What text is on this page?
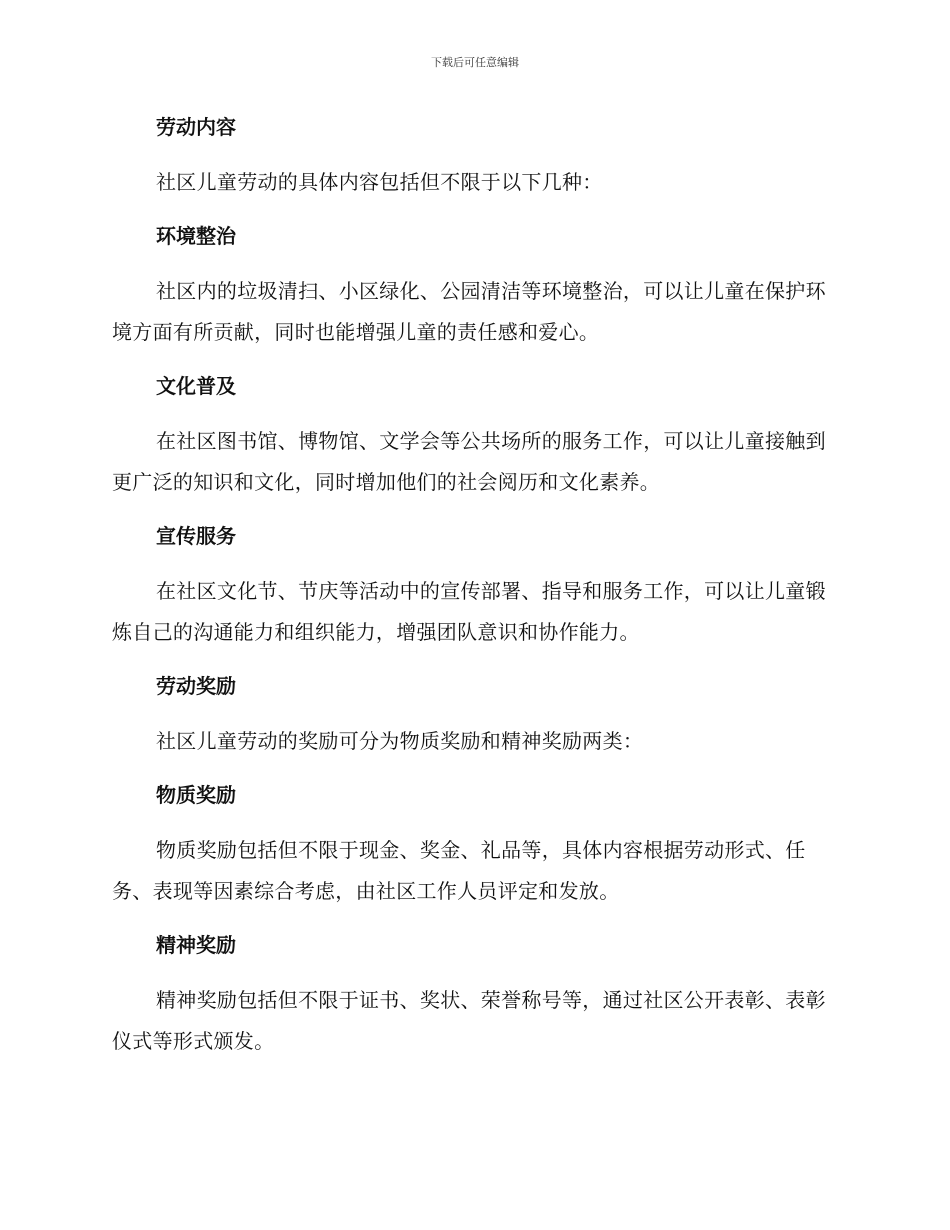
下载后可任意编辑
劳动内容

社区儿童劳动的具体内容包括但不限于以下几种：

环境整治

社区内的垃圾清扫、小区绿化、公园清洁等环境整治，可以让儿童在保护环境方面有所贡献，同时也能增强儿童的责任感和爱心。

文化普及

在社区图书馆、博物馆、文学会等公共场所的服务工作，可以让儿童接触到更广泛的知识和文化，同时增加他们的社会阅历和文化素养。

宣传服务

在社区文化节、节庆等活动中的宣传部署、指导和服务工作，可以让儿童锻炼自己的沟通能力和组织能力，增强团队意识和协作能力。

劳动奖励

社区儿童劳动的奖励可分为物质奖励和精神奖励两类：

物质奖励

物质奖励包括但不限于现金、奖金、礼品等，具体内容根据劳动形式、任务、表现等因素综合考虑，由社区工作人员评定和发放。

精神奖励

精神奖励包括但不限于证书、奖状、荣誉称号等，通过社区公开表彰、表彰仪式等形式颁发。
